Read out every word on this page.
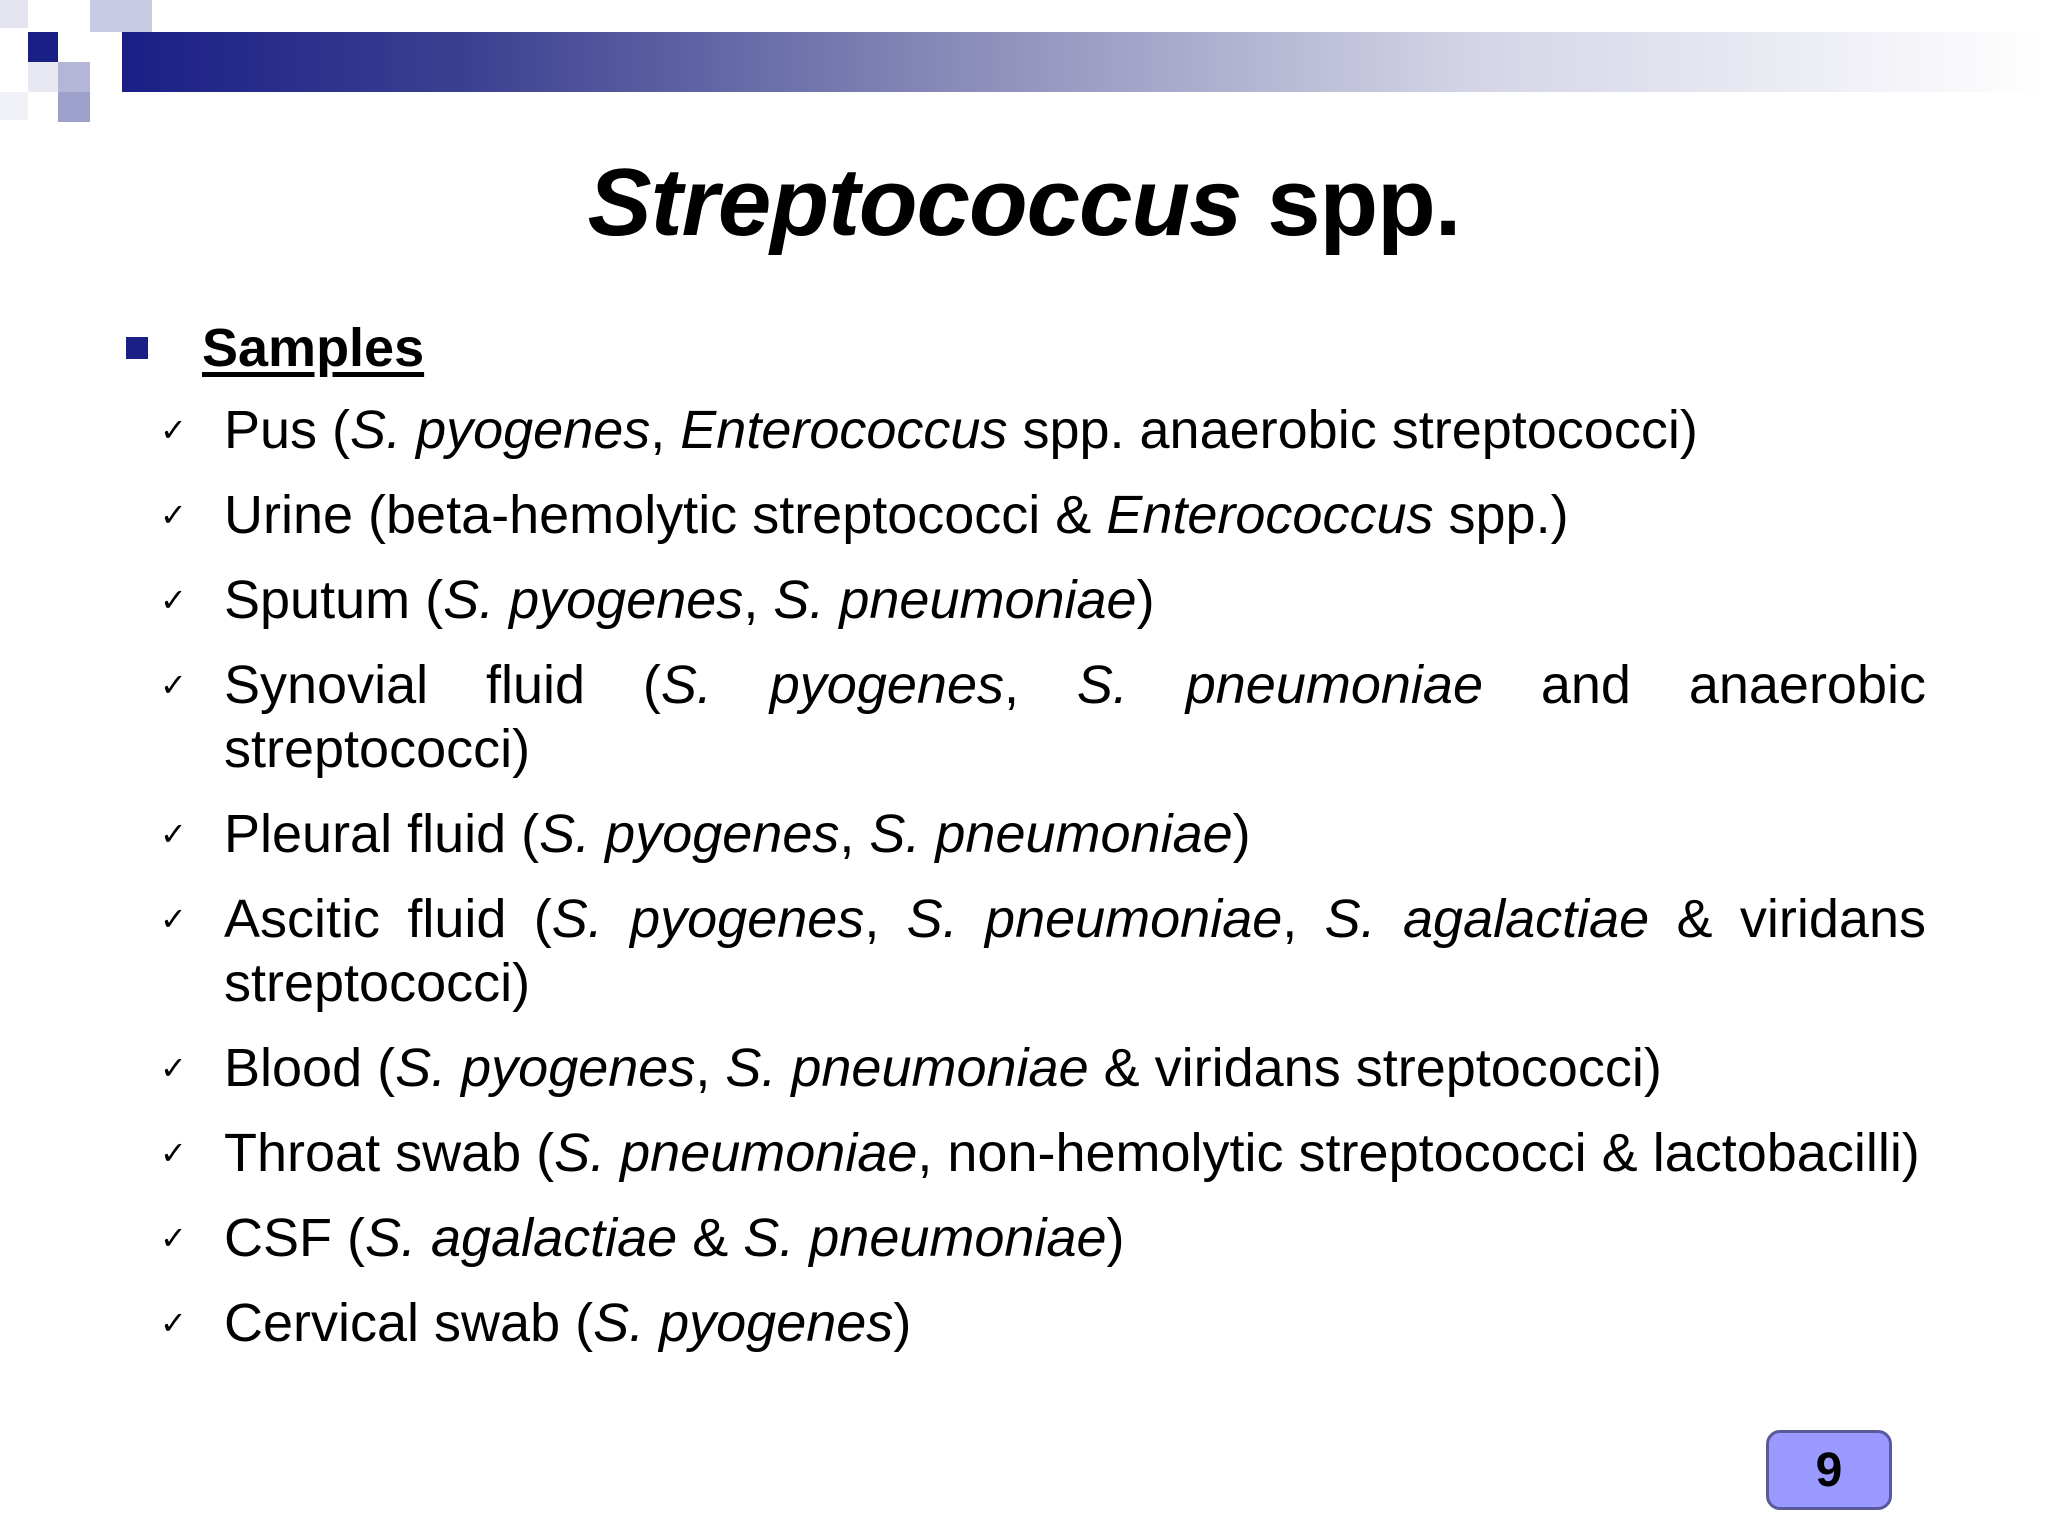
Streptococcus spp.
Samples
✓ Pus (S. pyogenes, Enterococcus spp. anaerobic streptococci)
✓ Urine (beta-hemolytic streptococci & Enterococcus spp.)
✓ Sputum (S. pyogenes, S. pneumoniae)
✓ Synovial fluid (S. pyogenes, S. pneumoniae and anaerobic streptococci)
✓ Pleural fluid (S. pyogenes, S. pneumoniae)
✓ Ascitic fluid (S. pyogenes, S. pneumoniae, S. agalactiae & viridans streptococci)
✓ Blood (S. pyogenes, S. pneumoniae & viridans streptococci)
✓ Throat swab (S. pneumoniae, non-hemolytic streptococci & lactobacilli)
✓ CSF (S. agalactiae & S. pneumoniae)
✓ Cervical swab (S. pyogenes)
9
